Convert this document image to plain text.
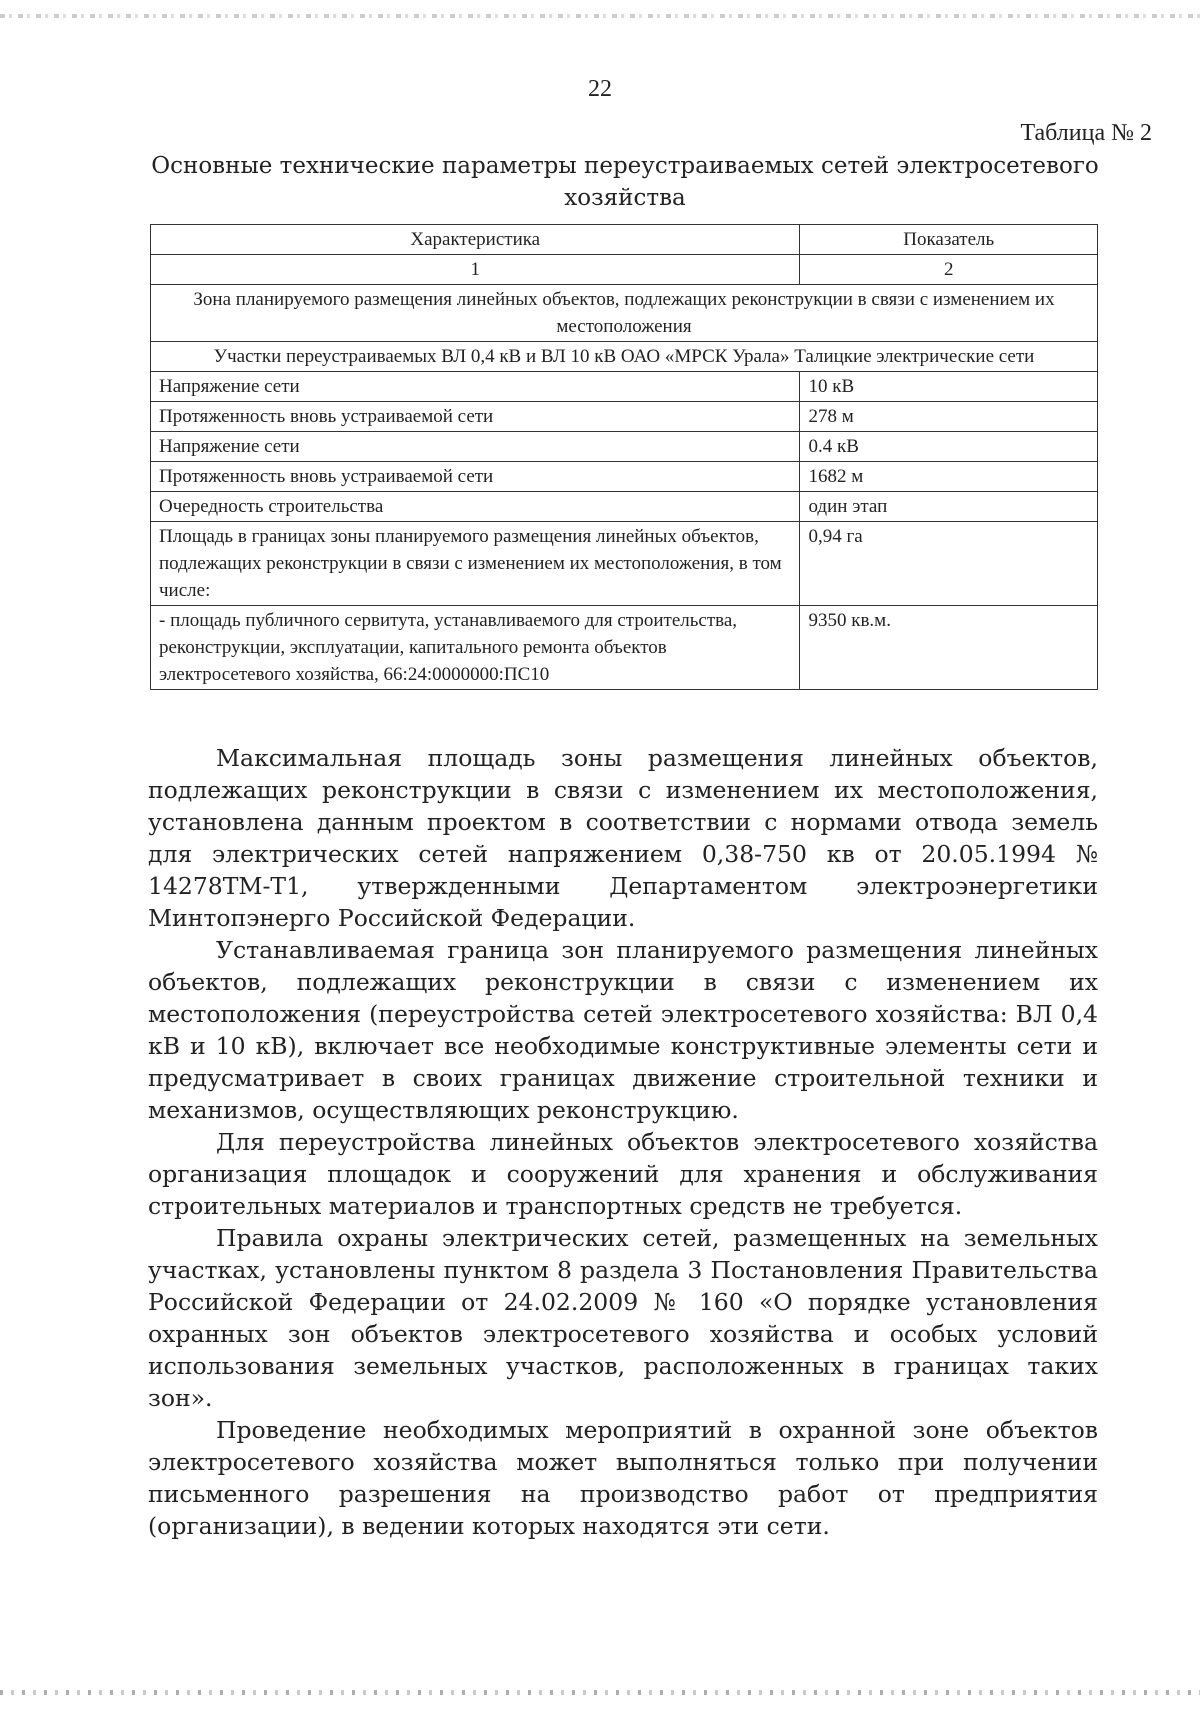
22
Таблица № 2
Основные технические параметры переустраиваемых сетей электросетевого хозяйства
Характеристика	Показатель
1	2
Зона планируемого размещения линейных объектов, подлежащих реконструкции в связи с изменением их местоположения	
Участки переустраиваемых ВЛ 0,4 кВ и ВЛ 10 кВ ОАО «МРСК Урала» Талицкие электрические сети	
Напряжение сети	10 кВ
Протяженность вновь устраиваемой сети	278 м
Напряжение сети	0.4 кВ
Протяженность вновь устраиваемой сети	1682 м
Очередность строительства	один этап
Площадь в границах зоны планируемого размещения линейных объектов, подлежащих реконструкции в связи с изменением их местоположения, в том числе:	0,94 га
- площадь публичного сервитута, устанавливаемого для строительства, реконструкции, эксплуатации, капитального ремонта объектов электросетевого хозяйства, 66:24:0000000:ПС10	9350 кв.м.

Максимальная площадь зоны размещения линейных объектов, подлежащих реконструкции в связи с изменением их местоположения, установлена данным проектом в соответствии с нормами отвода земель для электрических сетей напряжением 0,38-750 кв от 20.05.1994 № 14278ТМ-Т1, утвержденными Департаментом электроэнергетики Минтопэнерго Российской Федерации.

Устанавливаемая граница зон планируемого размещения линейных объектов, подлежащих реконструкции в связи с изменением их местоположения (переустройства сетей электросетевого хозяйства: ВЛ 0,4 кВ и 10 кВ), включает все необходимые конструктивные элементы сети и предусматривает в своих границах движение строительной техники и механизмов, осуществляющих реконструкцию.

Для переустройства линейных объектов электросетевого хозяйства организация площадок и сооружений для хранения и обслуживания строительных материалов и транспортных средств не требуется.

Правила охраны электрических сетей, размещенных на земельных участках, установлены пунктом 8 раздела 3 Постановления Правительства Российской Федерации от 24.02.2009 № 160 «О порядке установления охранных зон объектов электросетевого хозяйства и особых условий использования земельных участков, расположенных в границах таких зон».

Проведение необходимых мероприятий в охранной зоне объектов электросетевого хозяйства может выполняться только при получении письменного разрешения на производство работ от предприятия (организации), в ведении которых находятся эти сети.
